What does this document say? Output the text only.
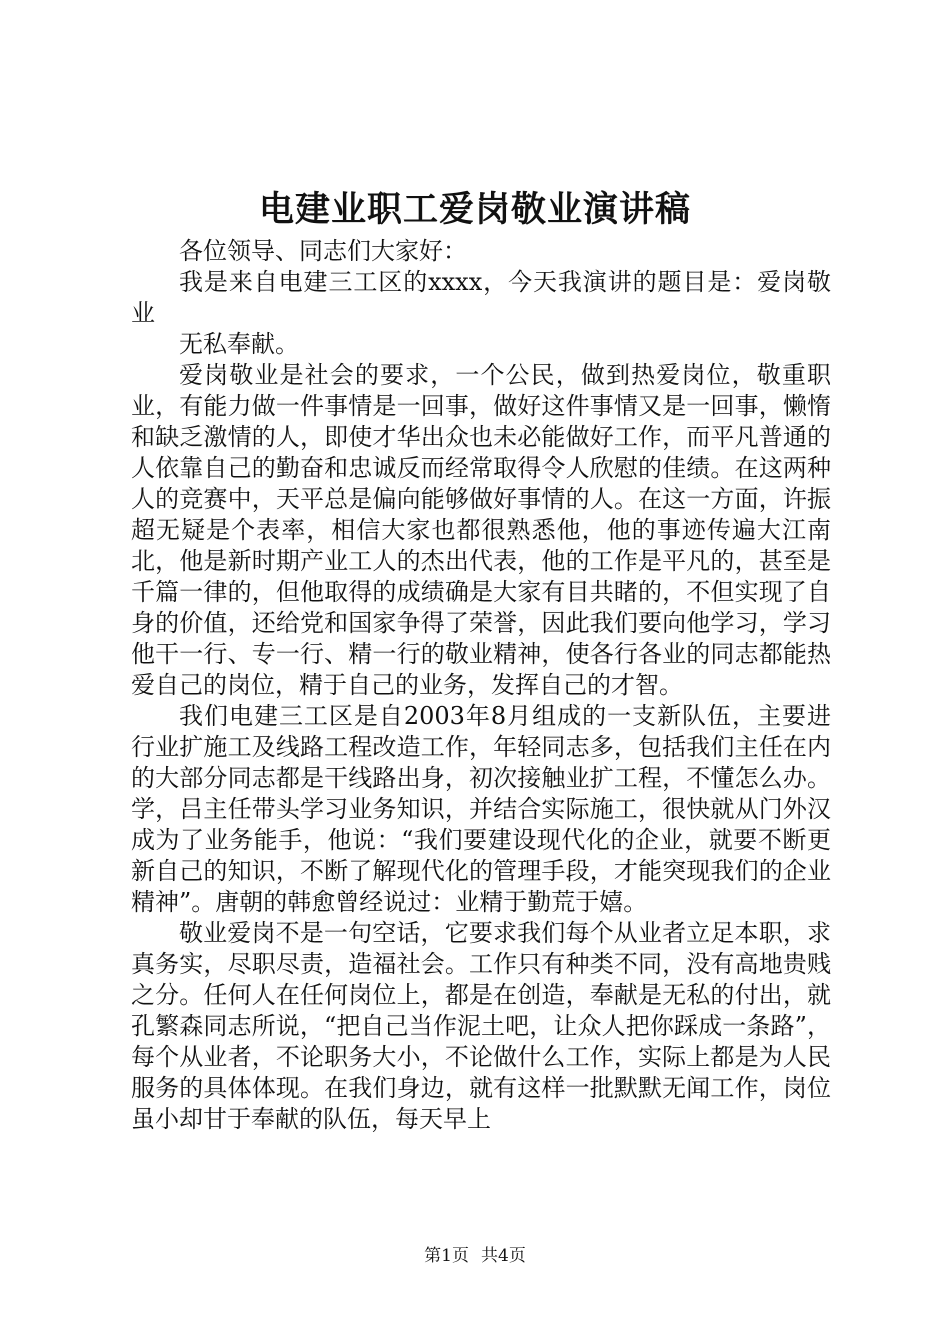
电建业职工爱岗敬业演讲稿

各位领导、同志们大家好：

我是来自电建三工区的xxxx，今天我演讲的题目是：爱岗敬业

无私奉献。

爱岗敬业是社会的要求，一个公民，做到热爱岗位，敬重职业，有能力做一件事情是一回事，做好这件事情又是一回事，懒惰和缺乏激情的人，即使才华出众也未必能做好工作，而平凡普通的人依靠自己的勤奋和忠诚反而经常取得令人欣慰的佳绩。在这两种人的竞赛中，天平总是偏向能够做好事情的人。在这一方面，许振超无疑是个表率，相信大家也都很熟悉他，他的事迹传遍大江南北，他是新时期产业工人的杰出代表，他的工作是平凡的，甚至是千篇一律的，但他取得的成绩确是大家有目共睹的，不但实现了自身的价值，还给党和国家争得了荣誉，因此我们要向他学习，学习他干一行、专一行、精一行的敬业精神，使各行各业的同志都能热爱自己的岗位，精于自己的业务，发挥自己的才智。

我们电建三工区是自2003年8月组成的一支新队伍，主要进行业扩施工及线路工程改造工作，年轻同志多，包括我们主任在内的大部分同志都是干线路出身，初次接触业扩工程，不懂怎么办。学，吕主任带头学习业务知识，并结合实际施工，很快就从门外汉成为了业务能手，他说：“我们要建设现代化的企业，就要不断更新自己的知识，不断了解现代化的管理手段，才能突现我们的企业精神”。唐朝的韩愈曾经说过：业精于勤荒于嬉。

敬业爱岗不是一句空话，它要求我们每个从业者立足本职，求真务实，尽职尽责，造福社会。工作只有种类不同，没有高地贵贱之分。任何人在任何岗位上，都是在创造，奉献是无私的付出，就孔繁森同志所说，“把自己当作泥土吧，让众人把你踩成一条路”，每个从业者，不论职务大小，不论做什么工作，实际上都是为人民服务的具体体现。在我们身边，就有这样一批默默无闻工作，岗位虽小却甘于奉献的队伍，每天早上

第1页 共4页
